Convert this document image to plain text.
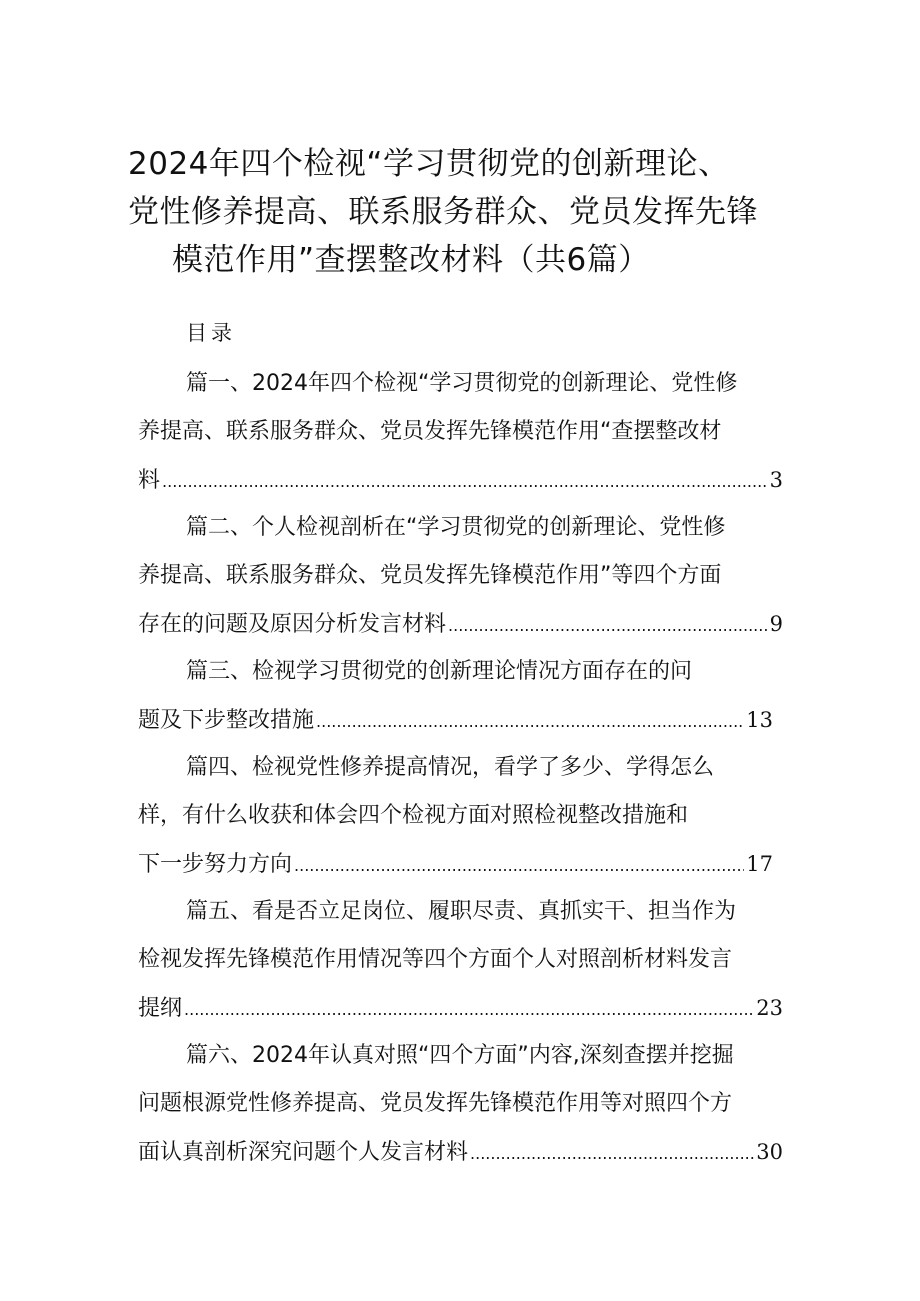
2024年四个检视“学习贯彻党的创新理论、
党性修养提高、联系服务群众、党员发挥先锋
模范作用”查摆整改材料（共6篇）
目录
篇一、2024年四个检视“学习贯彻党的创新理论、党性修
养提高、联系服务群众、党员发挥先锋模范作用“查摆整改材
料 .....	3
篇二、个人检视剖析在“学习贯彻党的创新理论、党性修
养提高、联系服务群众、党员发挥先锋模范作用”等四个方面
存在的问题及原因分析发言材料 .....	9
篇三、检视学习贯彻党的创新理论情况方面存在的问
题及下步整改措施 .....	13
篇四、检视党性修养提高情况，看学了多少、学得怎么
样，有什么收获和体会四个检视方面对照检视整改措施和
下一步努力方向 .....	17
篇五、看是否立足岗位、履职尽责、真抓实干、担当作为
检视发挥先锋模范作用情况等四个方面个人对照剖析材料发言
提纲 .....	23
篇六、2024年认真对照“四个方面”内容,深刻查摆并挖掘
问题根源党性修养提高、党员发挥先锋模范作用等对照四个方
面认真剖析深究问题个人发言材料 .....	30
